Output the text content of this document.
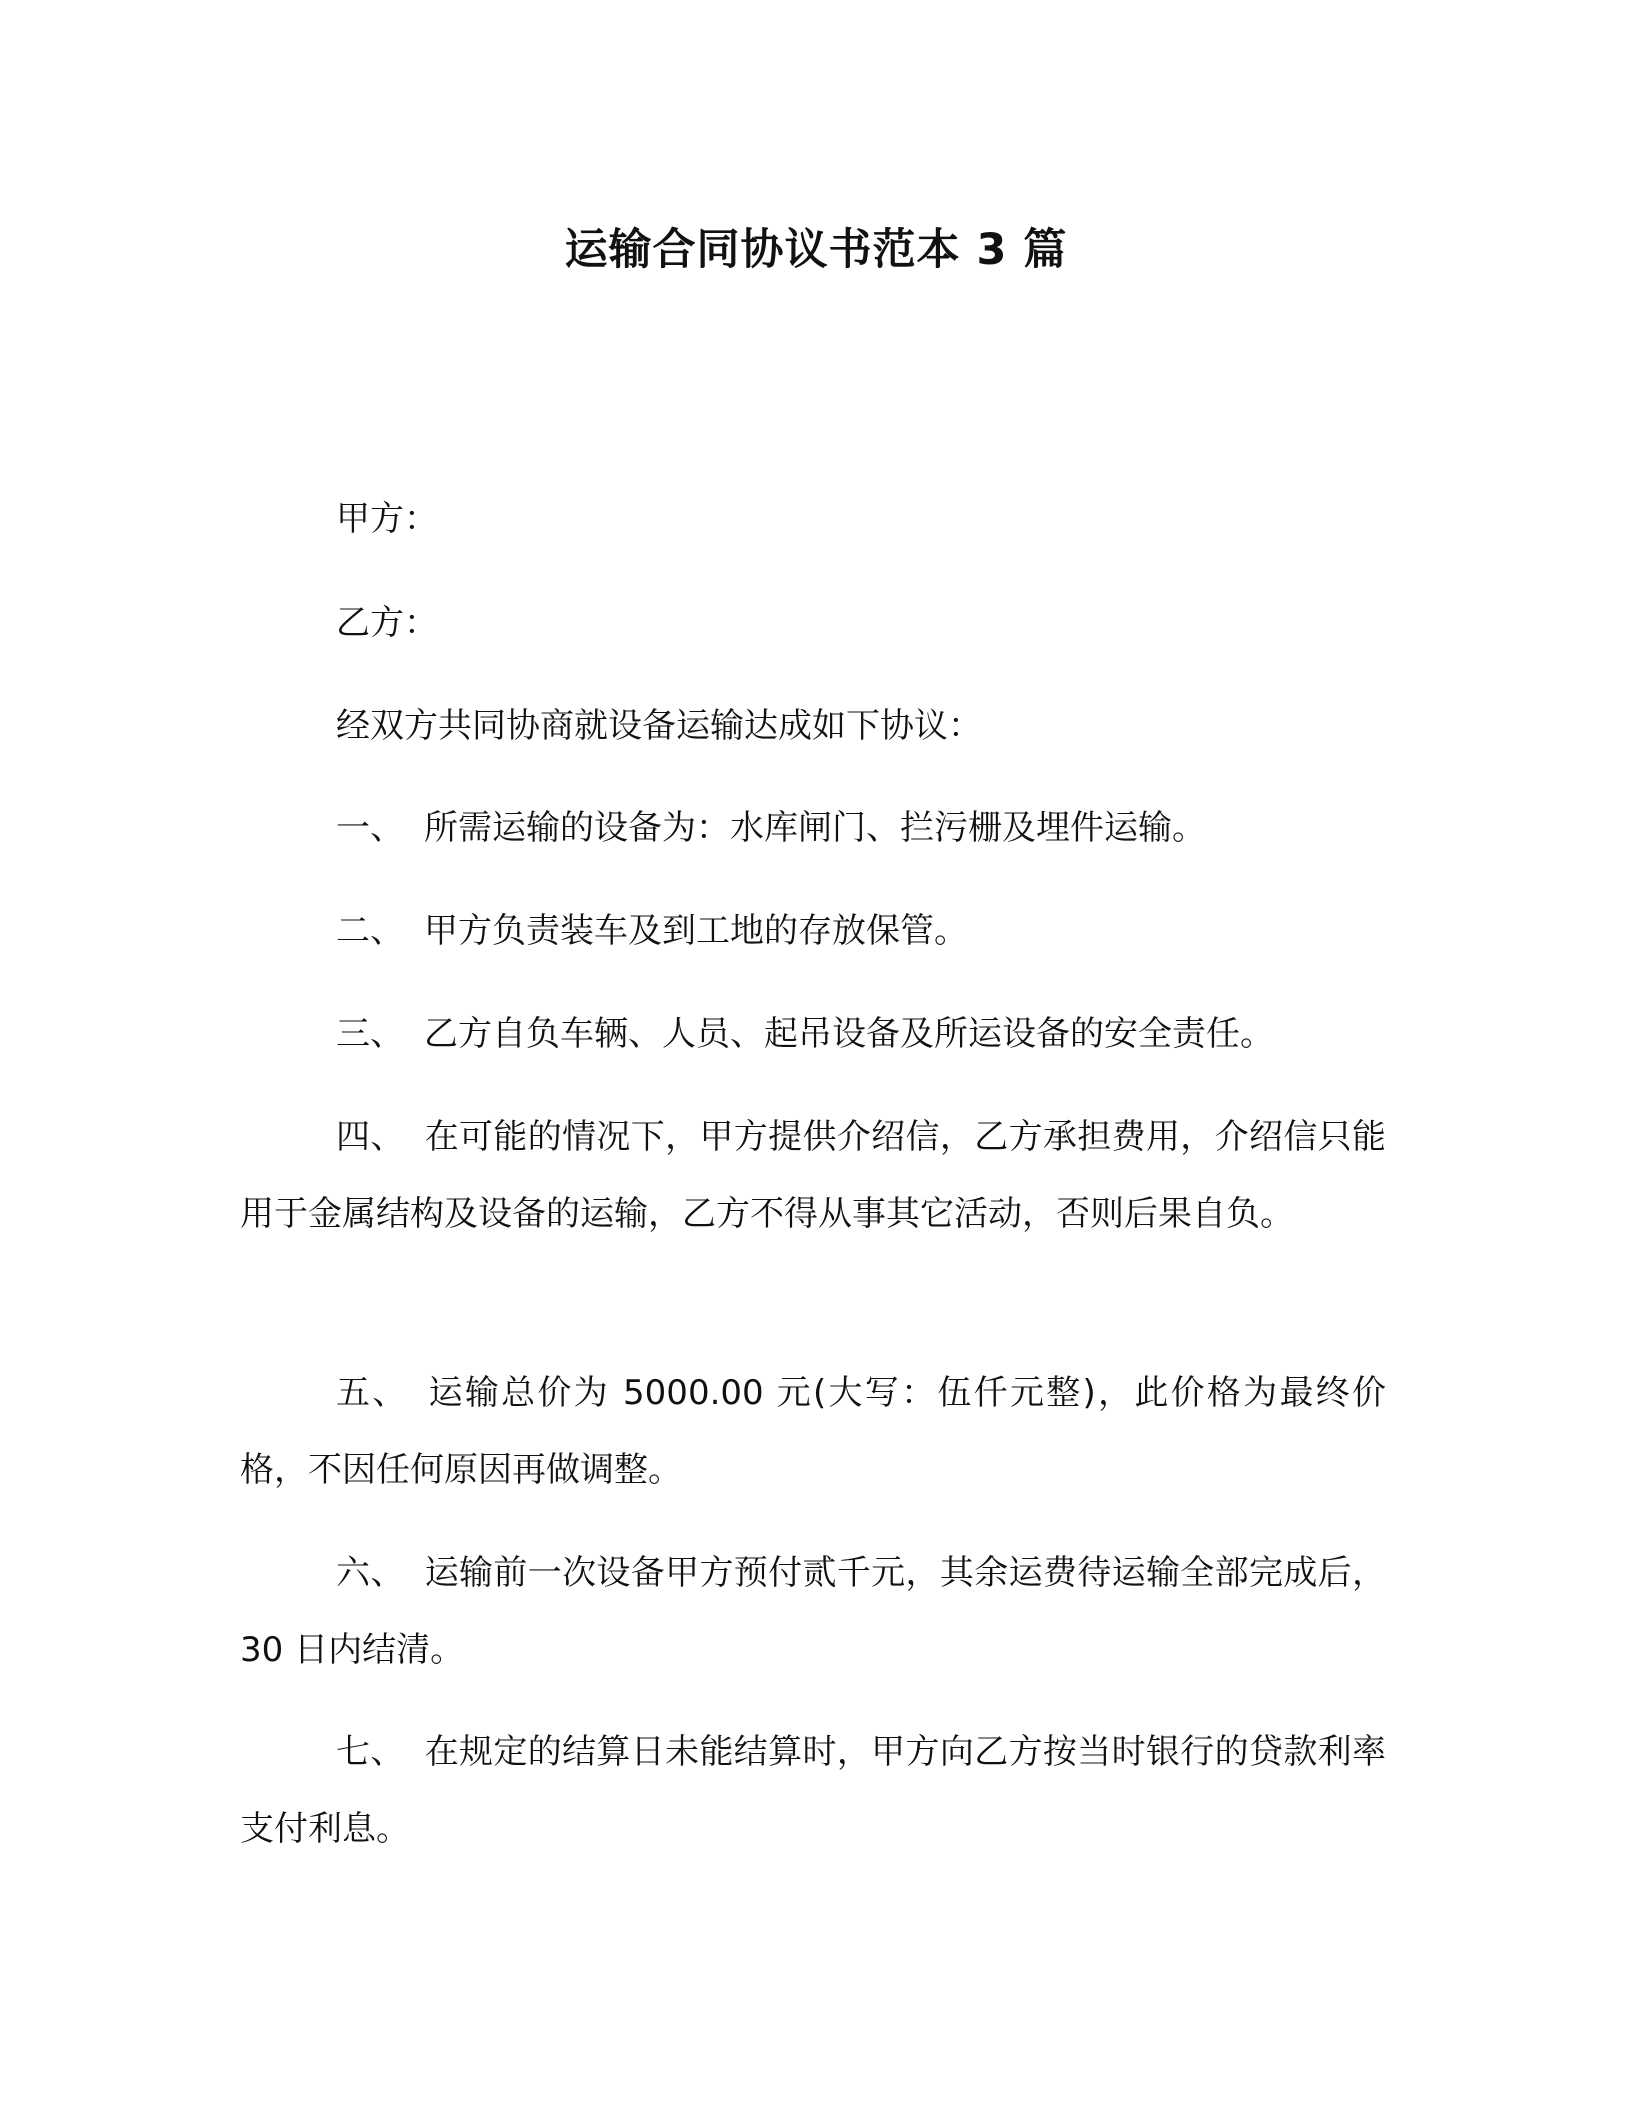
运输合同协议书范本 3 篇

甲方：

乙方：

经双方共同协商就设备运输达成如下协议：

一、 所需运输的设备为：水库闸门、拦污栅及埋件运输。

二、 甲方负责装车及到工地的存放保管。

三、 乙方自负车辆、人员、起吊设备及所运设备的安全责任。

四、 在可能的情况下，甲方提供介绍信，乙方承担费用，介绍信只能用于金属结构及设备的运输，乙方不得从事其它活动，否则后果自负。

五、 运输总价为 5000.00 元(大写：伍仟元整)，此价格为最终价格，不因任何原因再做调整。

六、 运输前一次设备甲方预付贰千元，其余运费待运输全部完成后，30 日内结清。

七、 在规定的结算日未能结算时，甲方向乙方按当时银行的贷款利率支付利息。
